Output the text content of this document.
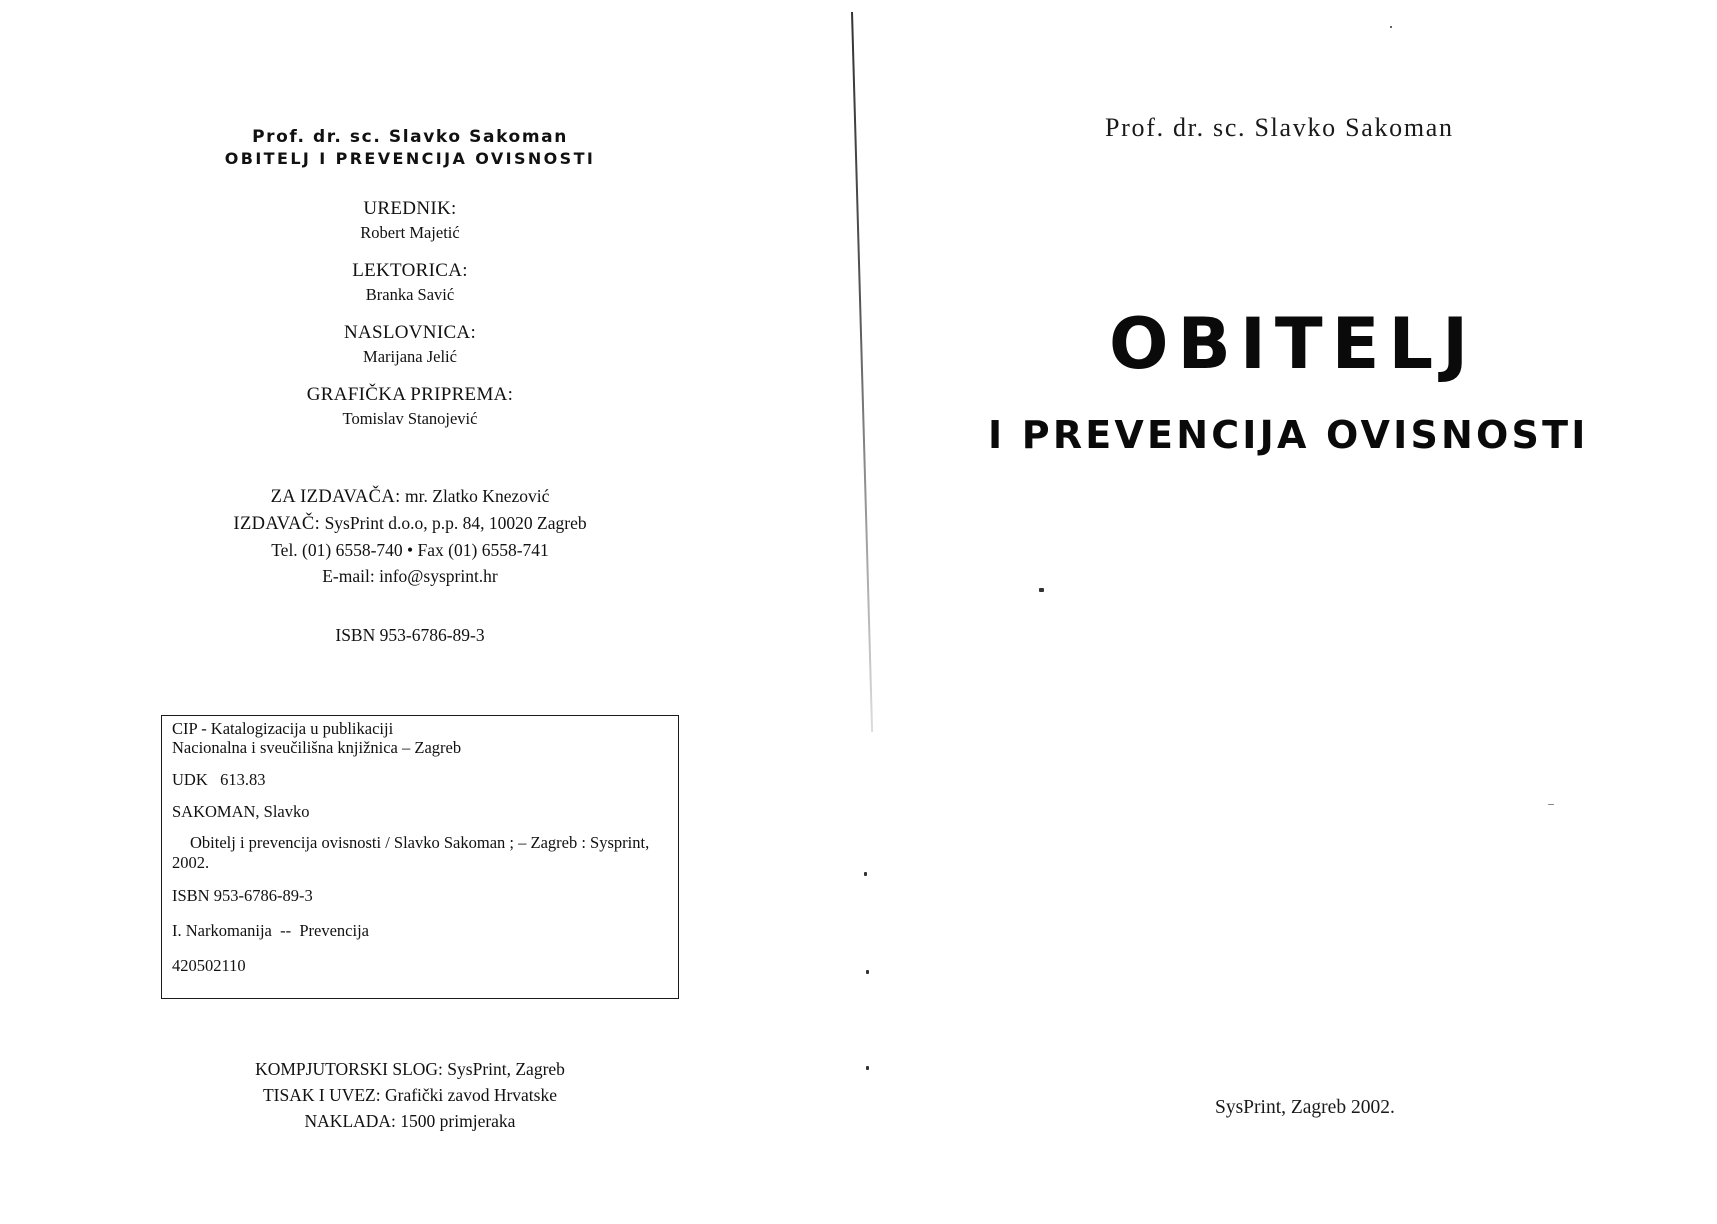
Prof. dr. sc. Slavko Sakoman
OBITELJ I PREVENCIJA OVISNOSTI
UREDNIK:
Robert Majetić
LEKTORICA:
Branka Savić
NASLOVNICA:
Marijana Jelić
GRAFIČKA PRIPREMA:
Tomislav Stanojević
ZA IZDAVAČA: mr. Zlatko Knezović
IZDAVAČ: SysPrint d.o.o, p.p. 84, 10020 Zagreb
Tel. (01) 6558-740 • Fax (01) 6558-741
E-mail: info@sysprint.hr
ISBN 953-6786-89-3
CIP - Katalogizacija u publikaciji
Nacionalna i sveučilišna knjižnica – Zagreb
UDK   613.83
SAKOMAN, Slavko
Obitelj i prevencija ovisnosti / Slavko Sakoman ; – Zagreb : Sysprint, 2002.
ISBN 953-6786-89-3
I. Narkomanija  --  Prevencija
420502110
KOMPJUTORSKI SLOG: SysPrint, Zagreb
TISAK I UVEZ: Grafički zavod Hrvatske
NAKLADA: 1500 primjeraka
Prof. dr. sc. Slavko Sakoman
OBITELJ
I PREVENCIJA OVISNOSTI
SysPrint, Zagreb 2002.
